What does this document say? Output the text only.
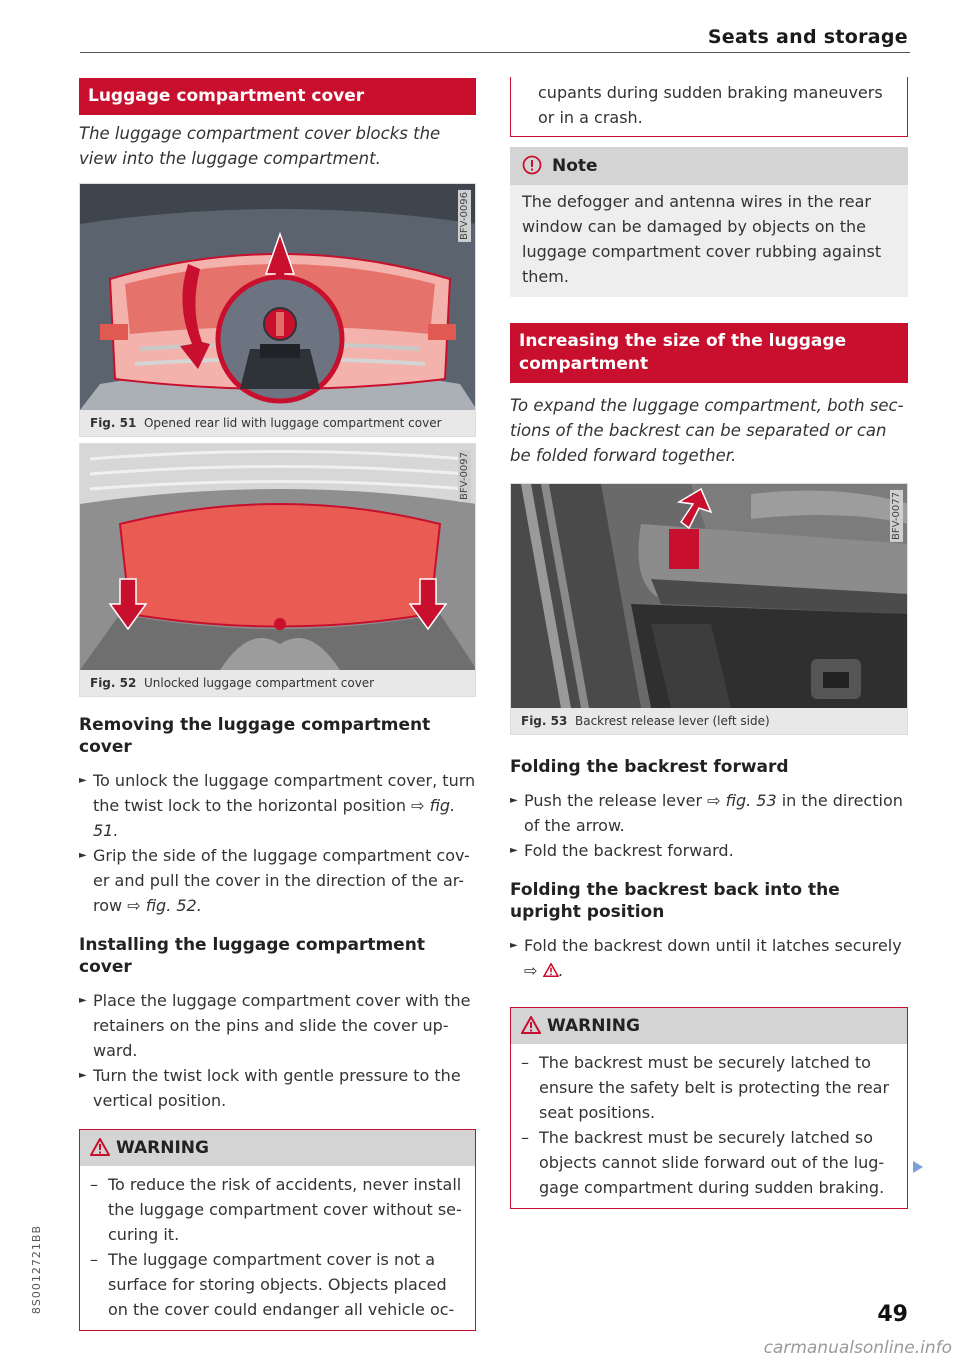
Seats and storage
Luggage compartment cover

The luggage compartment cover blocks the view into the luggage compartment.

BFV-0096
Fig. 51 Opened rear lid with luggage compartment cover
BFV-0097
Fig. 52 Unlocked luggage compartment cover
Removing the luggage compartment cover

► To unlock the luggage compartment cover, turn the twist lock to the horizontal position ⇨ fig. 51.

► Grip the side of the luggage compartment cov-er and pull the cover in the direction of the ar-row ⇨ fig. 52.

Installing the luggage compartment cover

► Place the luggage compartment cover with the retainers on the pins and slide the cover up-ward.

► Turn the twist lock with gentle pressure to the vertical position.

WARNING

– To reduce the risk of accidents, never install the luggage compartment cover without se-curing it.

– The luggage compartment cover is not a surface for storing objects. Objects placed on the cover could endanger all vehicle oc-

cupants during sudden braking maneuvers or in a crash.

Note
The defogger and antenna wires in the rear window can be damaged by objects on the luggage compartment cover rubbing against them.
Increasing the size of the luggage compartment

To expand the luggage compartment, both sec-tions of the backrest can be separated or can be folded forward together.

BFV-0077
Fig. 53 Backrest release lever (left side)
Folding the backrest forward

► Push the release lever ⇨ fig. 53 in the direction of the arrow.

► Fold the backrest forward.

Folding the backrest back into the upright position

► Fold the backrest down until it latches securely ⇨ .

WARNING

– The backrest must be securely latched to ensure the safety belt is protecting the rear seat positions.

– The backrest must be securely latched so objects cannot slide forward out of the lug-gage compartment during sudden braking.

49
8S0012721BB
carmanualsonline.info
